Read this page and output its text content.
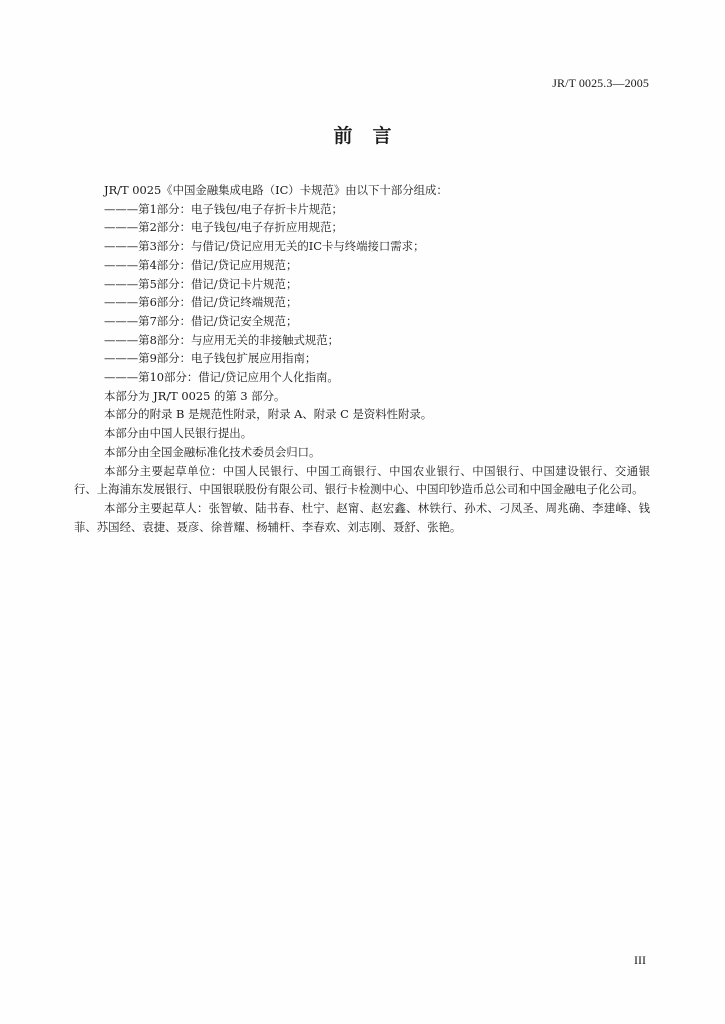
JR/T 0025.3—2005
前 言
JR/T 0025《中国金融集成电路（IC）卡规范》由以下十部分组成：
———第1部分：电子钱包/电子存折卡片规范；
———第2部分：电子钱包/电子存折应用规范；
———第3部分：与借记/贷记应用无关的IC卡与终端接口需求；
———第4部分：借记/贷记应用规范；
———第5部分：借记/贷记卡片规范；
———第6部分：借记/贷记终端规范；
———第7部分：借记/贷记安全规范；
———第8部分：与应用无关的非接触式规范；
———第9部分：电子钱包扩展应用指南；
———第10部分：借记/贷记应用个人化指南。
本部分为 JR/T 0025 的第 3 部分。
本部分的附录 B 是规范性附录，附录 A、附录 C 是资料性附录。
本部分由中国人民银行提出。
本部分由全国金融标准化技术委员会归口。
本部分主要起草单位：中国人民银行、中国工商银行、中国农业银行、中国银行、中国建设银行、交通银行、上海浦东发展银行、中国银联股份有限公司、银行卡检测中心、中国印钞造币总公司和中国金融电子化公司。
本部分主要起草人：张智敏、陆书春、杜宁、赵甯、赵宏鑫、林铁行、孙术、刁凤圣、周兆确、李建峰、钱菲、苏国经、袁捷、聂彦、徐普耀、杨辅杆、李春欢、刘志刚、聂舒、张艳。
III
